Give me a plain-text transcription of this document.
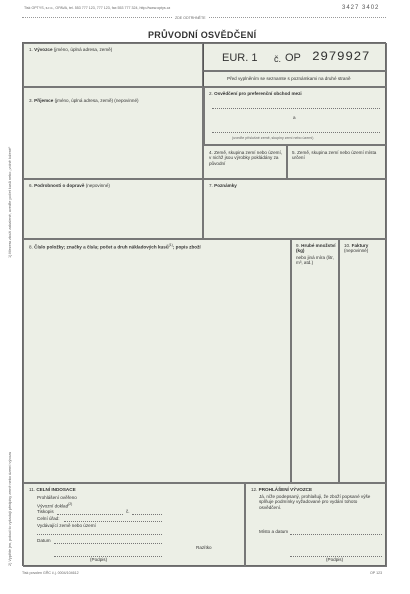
Tisk OPTYS, s.r.o., OPAVA, tel. 553 777 123, 777 123, fax 553 777 324, http://www.optys.cz	3427 3402
ZDE ODTRHNĚTE
PRŮVODNÍ OSVĚDČENÍ
1) Mezera zboží zabalené, uveďte počet kusů nebo „volně ložené“
2) Vyplňte jen, pokud to vyžadují předpisy země nebo území vývozu
1. Vývozce (jméno, úplná adresa, země)
EUR. 1 č. OP 2979927
Před vyplněním se seznamte s poznámkami na druhé straně
3. Příjemce (jméno, úplná adresa, země) (nepovinné)
2. Osvědčení pro preferenční obchod mezi
a
(uveďte příslušné země, skupiny zemí nebo území)
4. Země, skupina zemí nebo území, v nichž jsou výrobky pokládány za původní
5. Země, skupina zemí nebo území místa určení
6. Podrobnosti o dopravě (nepovinné)	7. Poznámky
8. Číslo položky; značky a čísla; počet a druh nákladových kusů$^{(1)}$; popis zboží	9. Hrubé množství (kg)
nebo jiná míra (litr, m³, atd.)
10. Faktury
(nepovinné)
11. CELNÍ INDOSACE
Prohlášení ověřeno
Vývozní doklad$^{(2)}$
Tiskopis	č.
Celní úřad:
Vydávající země nebo území
Datum
Razítko
(Podpis)
12. PROHLÁŠENÍ VÝVOZCE
Já, níže podepsaný, prohlašuji, že zboží popsané výše splňuje podmínky vyžadované pro vydání tohoto osvědčení.
Místo a datum
(Podpis)
Tisk povolen GŘC č.j. 0004/104612	OP 123
